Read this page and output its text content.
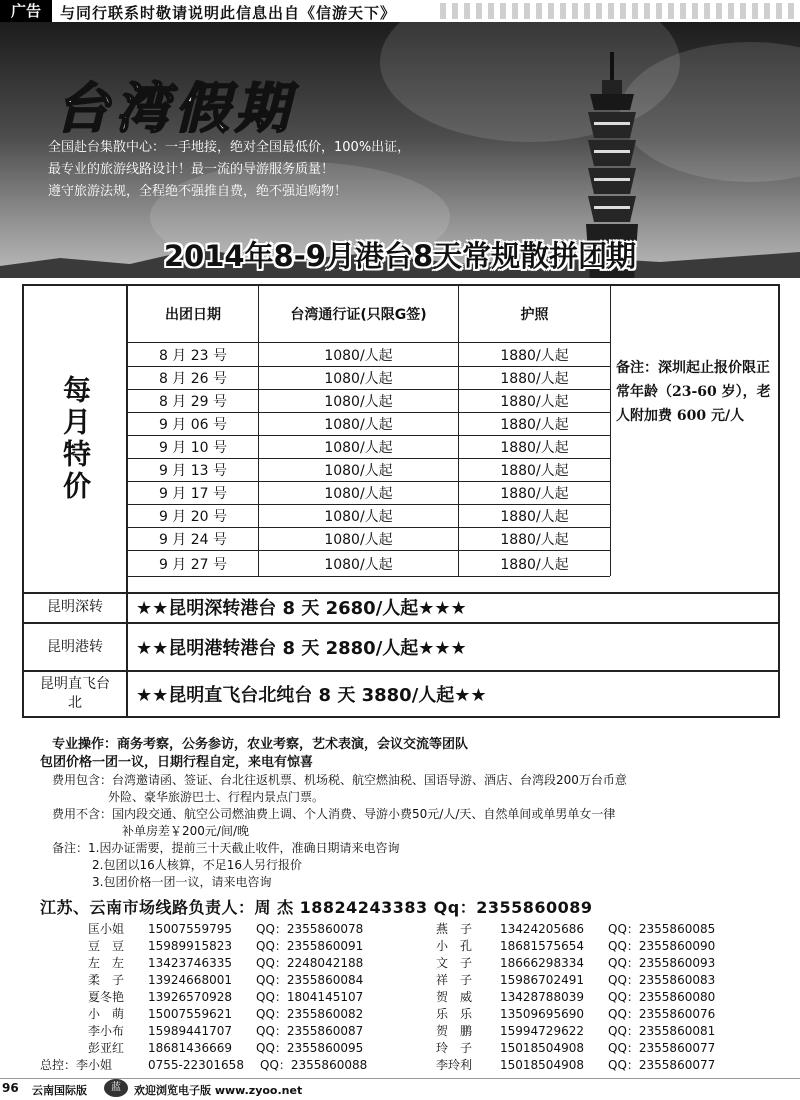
广告	与同行联系时敬请说明此信息出自《信游天下》
台湾假期
全国赴台集散中心：一手地接，绝对全国最低价，100%出证，
最专业的旅游线路设计！最一流的导游服务质量！
遵守旅游法规，全程绝不强推自费，绝不强迫购物！
2014年8-9月港台8天常规散拼团期
每月特价
出团日期	台湾通行证(只限G签)	护照
8 月 23 号	1080/人起	1880/人起
8 月 26 号	1080/人起	1880/人起
8 月 29 号	1080/人起	1880/人起
9 月 06 号	1080/人起	1880/人起
9 月 10 号	1080/人起	1880/人起
9 月 13 号	1080/人起	1880/人起
9 月 17 号	1080/人起	1880/人起
9 月 20 号	1080/人起	1880/人起
9 月 24 号	1080/人起	1880/人起
9 月 27 号	1080/人起	1880/人起
备注：深圳起止报价限正常年龄（23-60 岁），老人附加费 600 元/人
昆明深转	★★昆明深转港台 8 天 2680/人起★★★
昆明港转	★★昆明港转港台 8 天 2880/人起★★★
昆明直飞台北	★★昆明直飞台北纯台 8 天 3880/人起★★
专业操作：商务考察，公务参访，农业考察，艺术表演，会议交流等团队
包团价格一团一议，日期行程自定，来电有惊喜
费用包含：台湾邀请函、签证、台北往返机票、机场税、航空燃油税、国语导游、酒店、台湾段200万台币意
外险、豪华旅游巴士、行程内景点门票。
费用不含：国内段交通、航空公司燃油费上调、个人消费、导游小费50元/人/天、自然单间或单男单女一律
补单房差￥200元/间/晚
备注：1.因办证需要，提前三十天截止收件，准确日期请来电咨询
2.包团以16人核算，不足16人另行报价
3.包团价格一团一议，请来电咨询
江苏、云南市场线路负责人：周 杰 18824243383 Qq：2355860089
匡小姐 15007559795 QQ：2355860078
豆　豆 15989915823 QQ：2355860091
左　左 13423746335 QQ：2248042188
柔　子 13924668001 QQ：2355860084
夏冬艳 13926570928 QQ：1804145107
小　萌 15007559621 QQ：2355860082
李小布 15989441707 QQ：2355860087
彭亚红 18681436669 QQ：2355860095
总控：李小姐	0755-22301658 QQ：2355860088
燕　子 13424205686 QQ：2355860085
小　孔 18681575654 QQ：2355860090
文　子 18666298334 QQ：2355860093
祥　子 15986702491 QQ：2355860083
贺　威 13428788039 QQ：2355860080
乐　乐 13509695690 QQ：2355860076
贺　鹏 15994729622 QQ：2355860081
玲　子 15018504908 QQ：2355860077
李玲利 15018504908 QQ：2355860077
96 云南国际版	蓝	欢迎浏览电子版 www.zyoo.net
